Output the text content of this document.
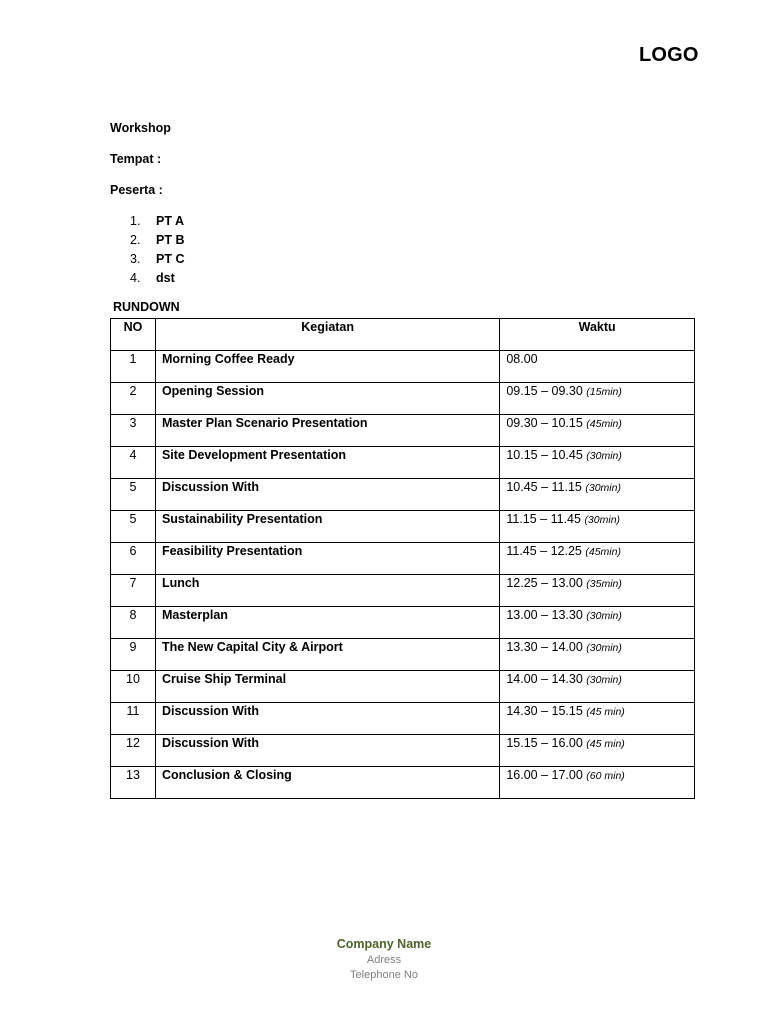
LOGO
Workshop
Tempat :
Peserta :
1.	PT A
2.	PT B
3.	PT C
4.	dst
RUNDOWN
NO	Kegiatan	Waktu
1	Morning Coffee Ready	08.00
2	Opening Session	09.15 – 09.30 (15min)
3	Master Plan Scenario Presentation	09.30 – 10.15 (45min)
4	Site Development Presentation	10.15 – 10.45 (30min)
5	Discussion With	10.45 – 11.15 (30min)
5	Sustainability Presentation	11.15 – 11.45 (30min)
6	Feasibility Presentation	11.45 – 12.25 (45min)
7	Lunch	12.25 – 13.00 (35min)
8	Masterplan	13.00 – 13.30 (30min)
9	The New Capital City & Airport	13.30 – 14.00 (30min)
10	Cruise Ship Terminal	14.00 – 14.30 (30min)
11	Discussion With	14.30 – 15.15 (45 min)
12	Discussion With	15.15 – 16.00 (45 min)
13	Conclusion & Closing	16.00 – 17.00 (60 min)
Company Name
Adress
Telephone No
